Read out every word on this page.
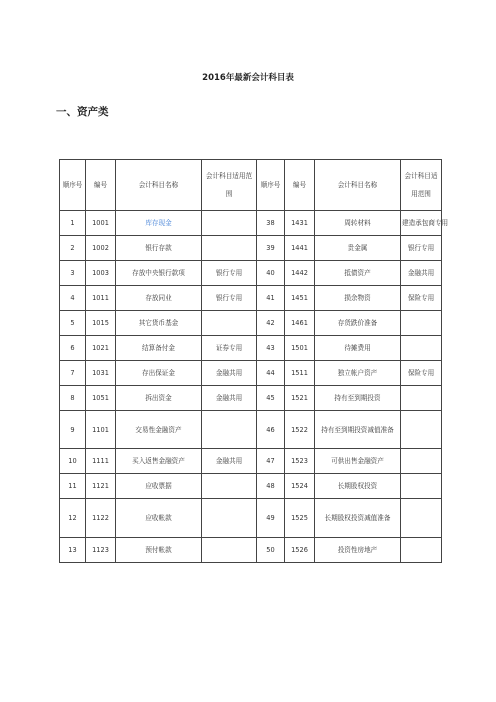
2016年最新会计科目表
一、资产类
顺序号	编号	会计科目名称	会计科目适用范围	顺序号	编号	会计科目名称	会计科目适用范围
1	1001	库存现金		38	1431	周转材料	建造承包商专用
2	1002	银行存款		39	1441	贵金属	银行专用
3	1003	存放中央银行款项	银行专用	40	1442	抵债资产	金融共用
4	1011	存放同业	银行专用	41	1451	损余物资	保险专用
5	1015	其它货币基金		42	1461	存货跌价准备	
6	1021	结算备付金	证券专用	43	1501	待摊费用	
7	1031	存出保证金	金融共用	44	1511	独立帐户资产	保险专用
8	1051	拆出资金	金融共用	45	1521	持有至到期投资	
9	1101	交易性金融资产		46	1522	持有至到期投资减值准备	
10	1111	买入返售金融资产	金融共用	47	1523	可供出售金融资产	
11	1121	应收票据		48	1524	长期股权投资	
12	1122	应收帐款		49	1525	长期股权投资减值准备	
13	1123	预付帐款		50	1526	投资性房地产	
